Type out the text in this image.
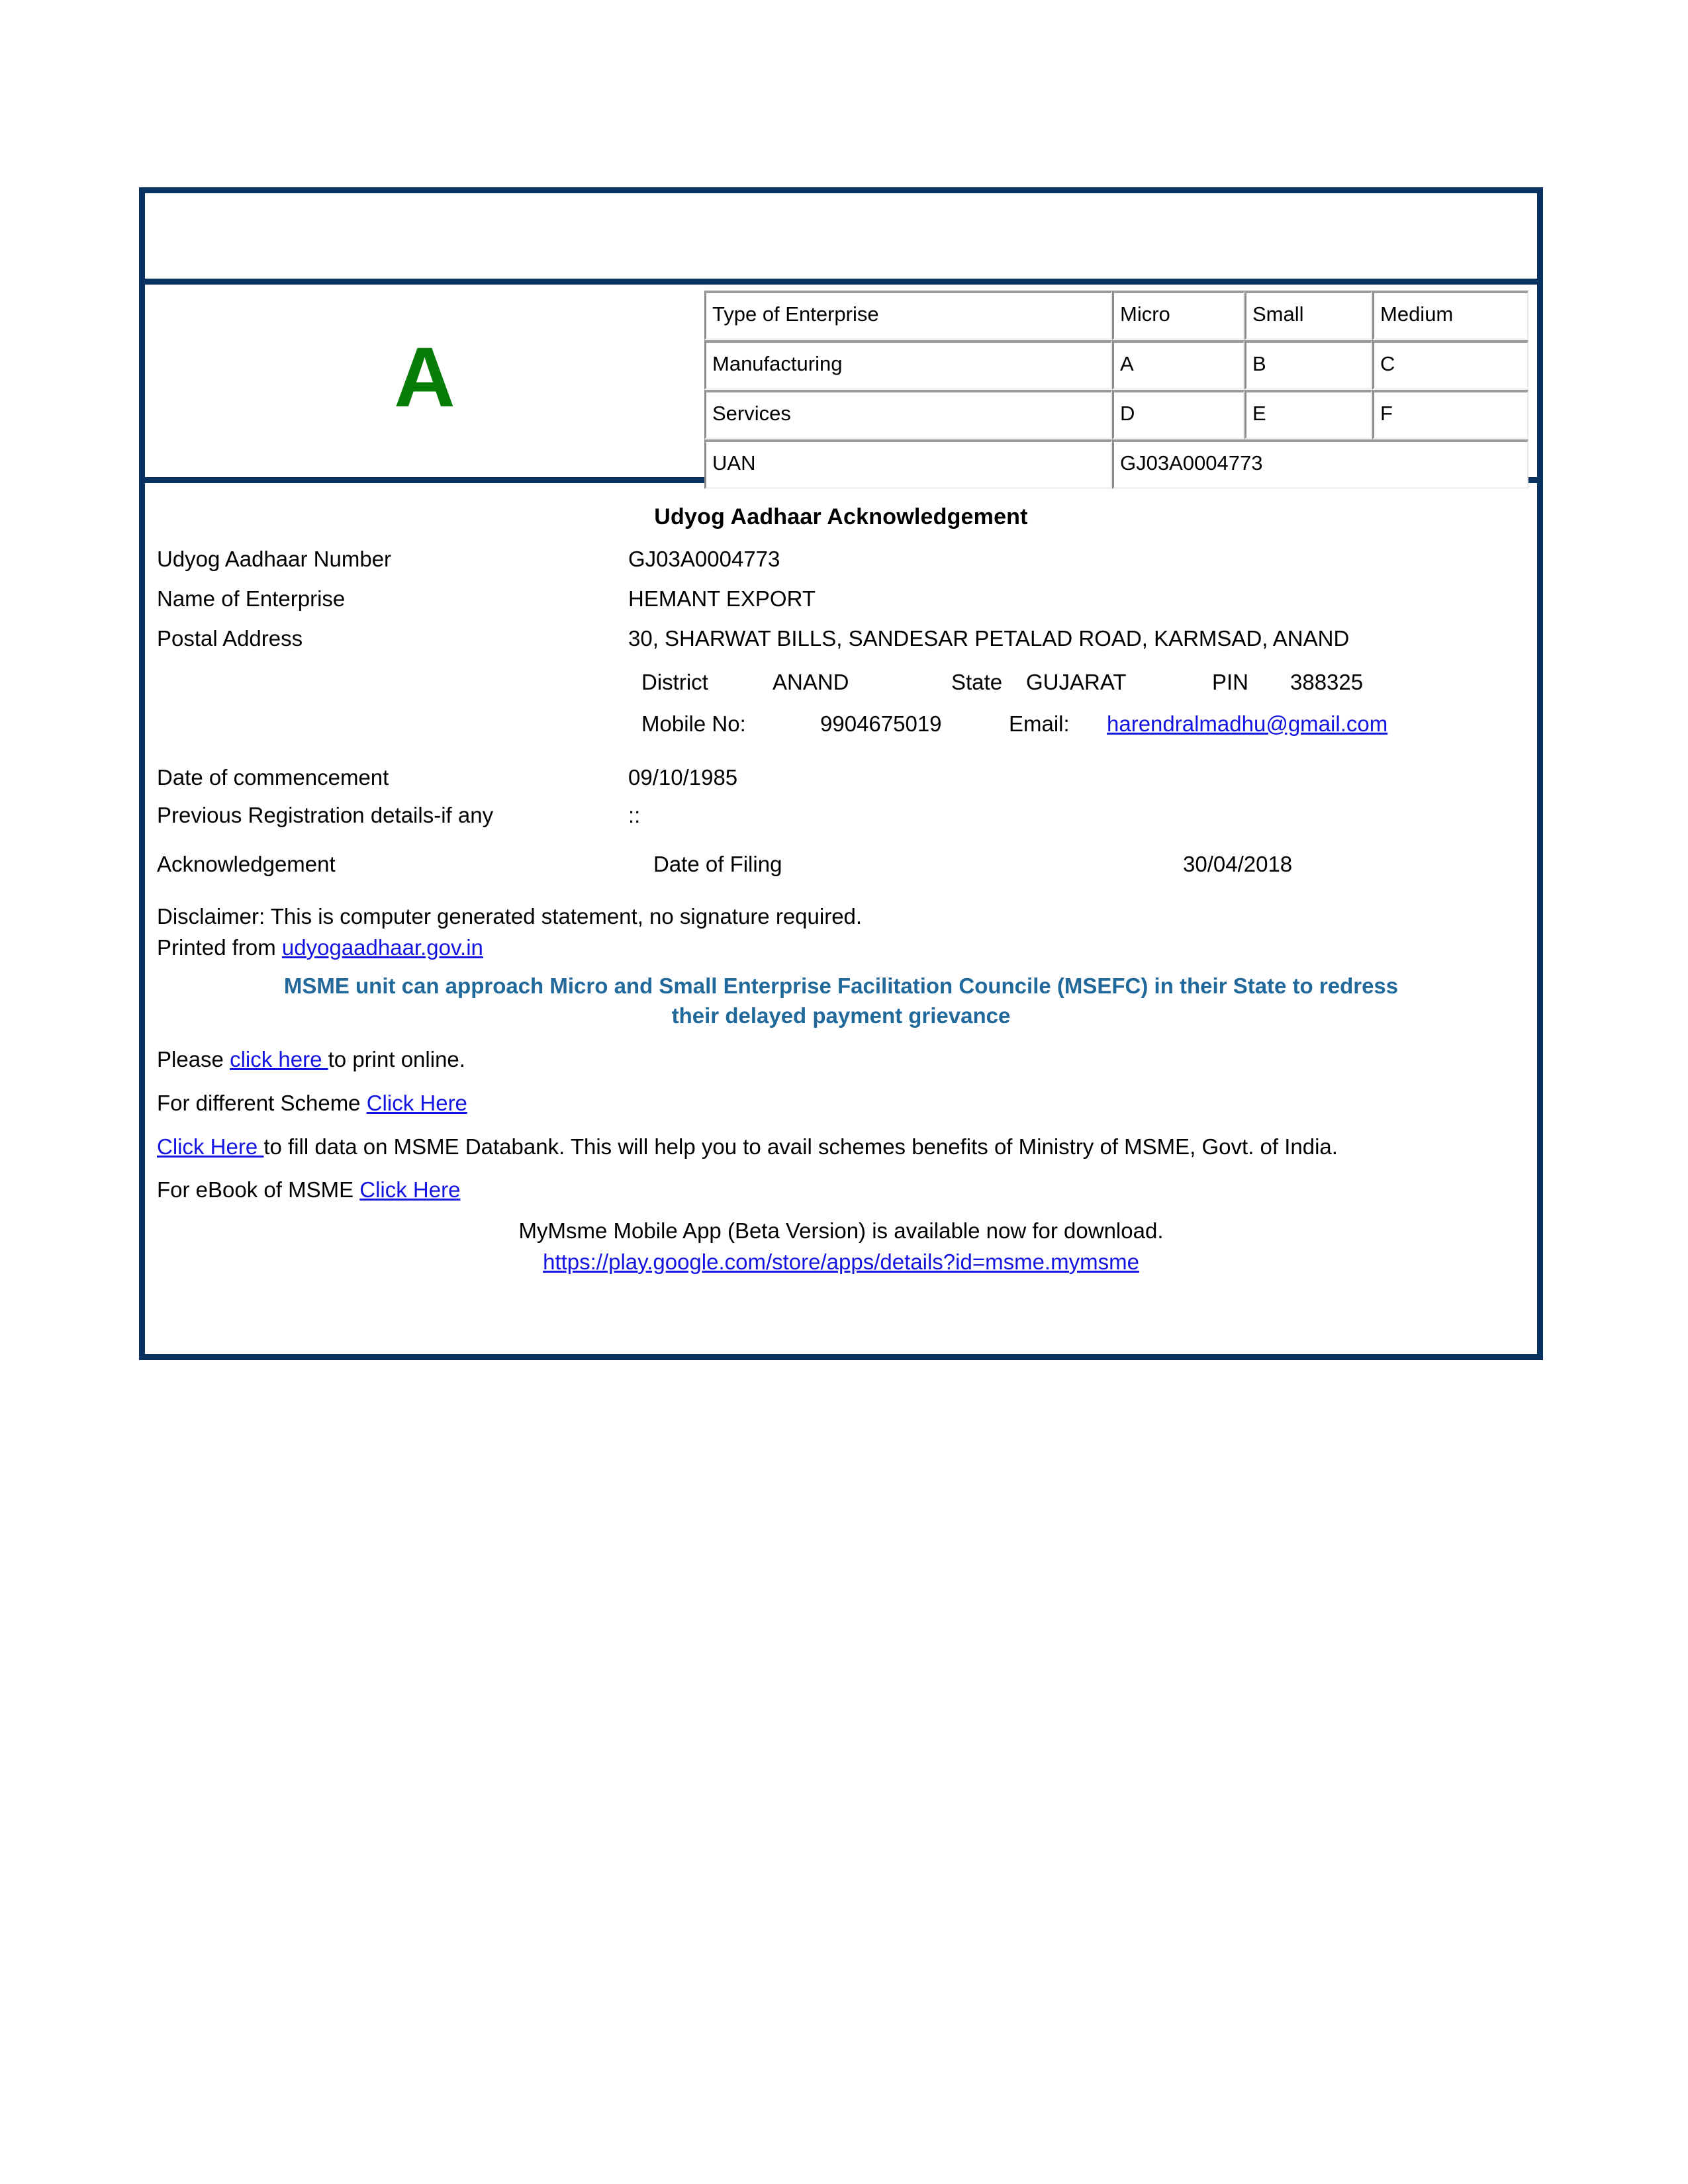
A
Type of Enterprise	Micro	Small	Medium
Manufacturing	A	B	C
Services	D	E	F
UAN	GJ03A0004773		
Udyog Aadhaar Acknowledgement
Udyog Aadhaar Number	GJ03A0004773
Name of Enterprise	HEMANT EXPORT
Postal Address	30, SHARWAT BILLS, SANDESAR PETALAD ROAD, KARMSAD, ANAND
District	ANAND	State	GUJARAT	PIN	388325
Mobile No:	9904675019	Email:	harendralmadhu@gmail.com
Date of commencement	09/10/1985
Previous Registration details-if any	::
Acknowledgement	Date of Filing	30/04/2018
Disclaimer: This is computer generated statement, no signature required.
Printed from udyogaadhaar.gov.in
MSME unit can approach Micro and Small Enterprise Facilitation Councile (MSEFC) in their State to redress
their delayed payment grievance
Please click here to print online.
For different Scheme Click Here
Click Here to fill data on MSME Databank. This will help you to avail schemes benefits of Ministry of MSME, Govt. of India.
For eBook of MSME Click Here
MyMsme Mobile App (Beta Version) is available now for download.
https://play.google.com/store/apps/details?id=msme.mymsme
